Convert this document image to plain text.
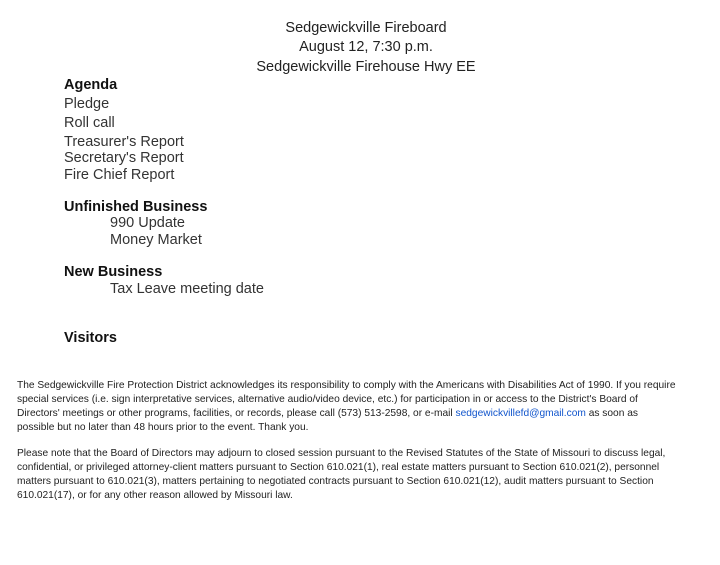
Sedgewickville Fireboard
August 12, 7:30 p.m.
Sedgewickville Firehouse Hwy EE
Agenda
Pledge
Roll call
Treasurer's Report
Secretary's Report
Fire Chief Report
Unfinished Business
990 Update
Money Market
New Business
Tax Leave meeting date
Visitors
The Sedgewickville Fire Protection District acknowledges its responsibility to comply with the Americans with Disabilities Act of 1990. If you require special services (i.e. sign interpretative services, alternative audio/video device, etc.) for participation in or access to the District's Board of Directors' meetings or other programs, facilities, or records, please call (573) 513-2598, or e-mail sedgewickvillefd@gmail.com as soon as possible but no later than 48 hours prior to the event. Thank you.
Please note that the Board of Directors may adjourn to closed session pursuant to the Revised Statutes of the State of Missouri to discuss legal, confidential, or privileged attorney-client matters pursuant to Section 610.021(1), real estate matters pursuant to Section 610.021(2), personnel matters pursuant to 610.021(3), matters pertaining to negotiated contracts pursuant to Section 610.021(12), audit matters pursuant to Section 610.021(17), or for any other reason allowed by Missouri law.
